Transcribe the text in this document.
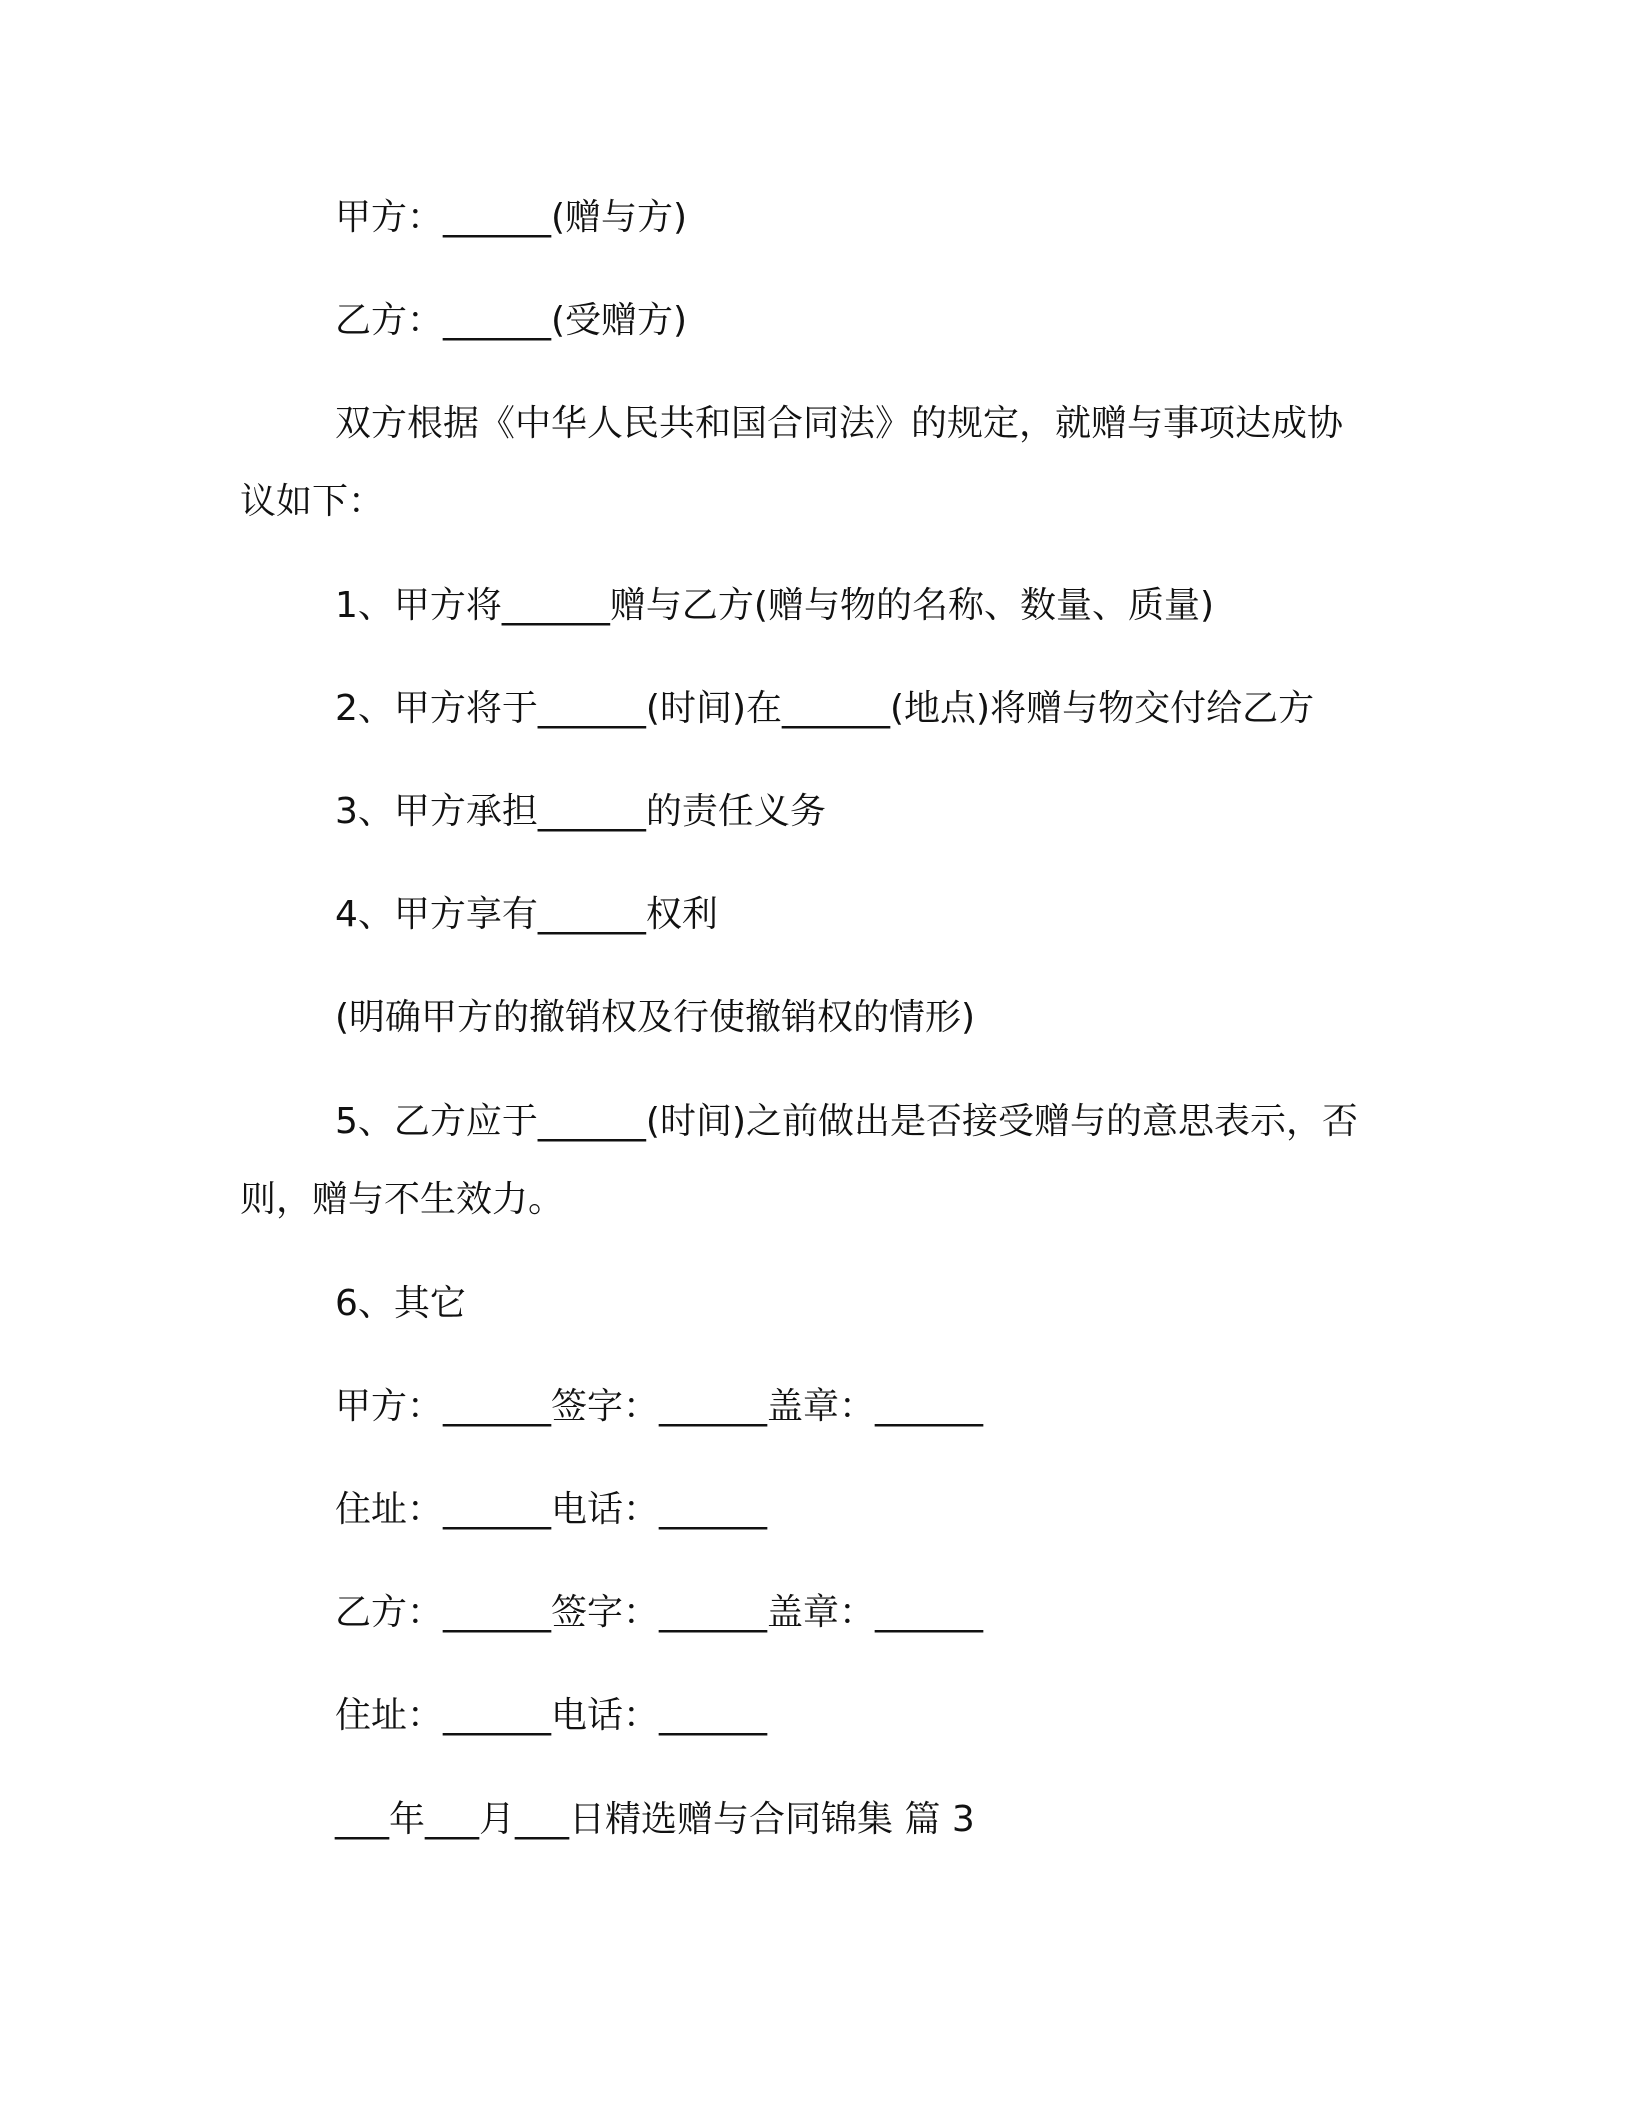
甲方：______(赠与方)
乙方：______(受赠方)
双方根据《中华人民共和国合同法》的规定，就赠与事项达成协
议如下：
1、甲方将______赠与乙方(赠与物的名称、数量、质量)
2、甲方将于______(时间)在______(地点)将赠与物交付给乙方
3、甲方承担______的责任义务
4、甲方享有______权利
(明确甲方的撤销权及行使撤销权的情形)
5、乙方应于______(时间)之前做出是否接受赠与的意思表示，否
则，赠与不生效力。
6、其它
甲方：______签字：______盖章：______
住址：______电话：______
乙方：______签字：______盖章：______
住址：______电话：______
___年___月___日精选赠与合同锦集 篇 3
